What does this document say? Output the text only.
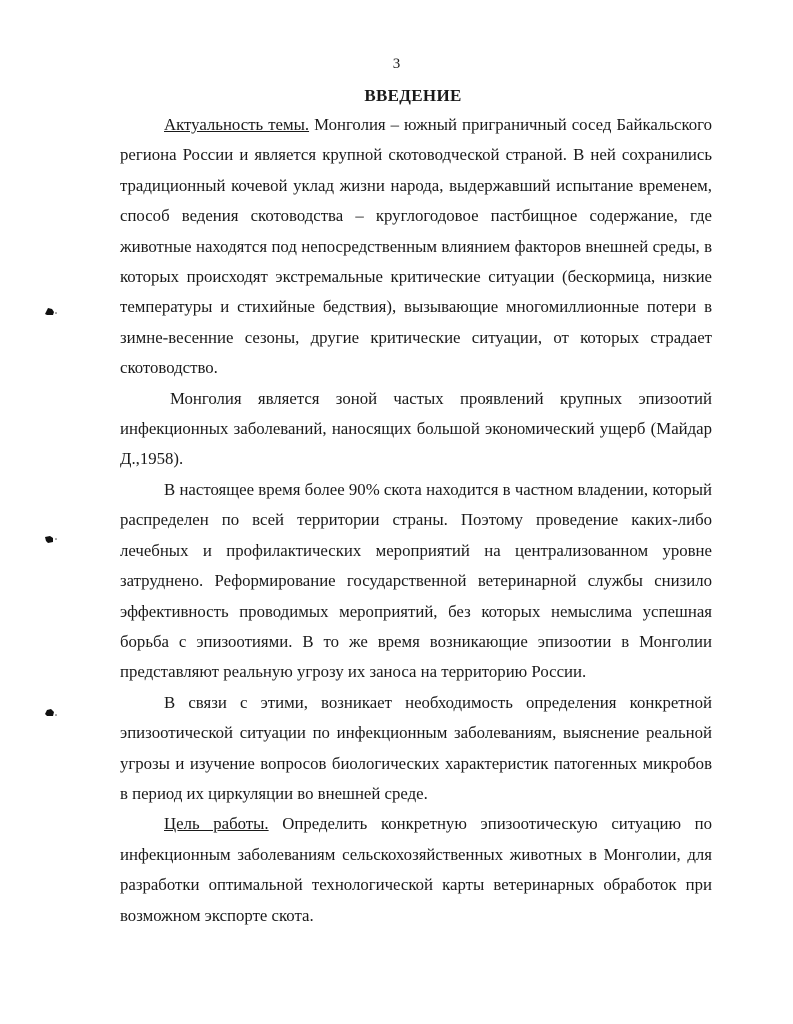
3
ВВЕДЕНИЕ

Актуальность темы. Монголия – южный приграничный сосед Байкальского региона России и является крупной скотоводческой страной. В ней сохранились традиционный кочевой уклад жизни народа, выдержавший испытание временем, способ ведения скотоводства – круглогодовое пастбищное содержание, где животные находятся под непосредственным влиянием факторов внешней среды, в которых происходят экстремальные критические ситуации (бескормица, низкие температуры и стихийные бедствия), вызывающие многомиллионные потери в зимне-весенние сезоны, другие критические ситуации, от которых страдает скотоводство.

Монголия является зоной частых проявлений крупных эпизоотий инфекционных заболеваний, наносящих большой экономический ущерб (Майдар Д.,1958).

В настоящее время более 90% скота находится в частном владении, который распределен по всей территории страны. Поэтому проведение каких-либо лечебных и профилактических мероприятий на централизованном уровне затруднено. Реформирование государственной ветеринарной службы снизило эффективность проводимых мероприятий, без которых немыслима успешная борьба с эпизоотиями. В то же время возникающие эпизоотии в Монголии представляют реальную угрозу их заноса на территорию России.

В связи с этими, возникает необходимость определения конкретной эпизоотической ситуации по инфекционным заболеваниям, выяснение реальной угрозы и изучение вопросов биологических характеристик патогенных микробов в период их циркуляции во внешней среде.

Цель работы. Определить конкретную эпизоотическую ситуацию по инфекционным заболеваниям сельскохозяйственных животных в Монголии, для разработки оптимальной технологической карты ветеринарных обработок при возможном экспорте скота.
